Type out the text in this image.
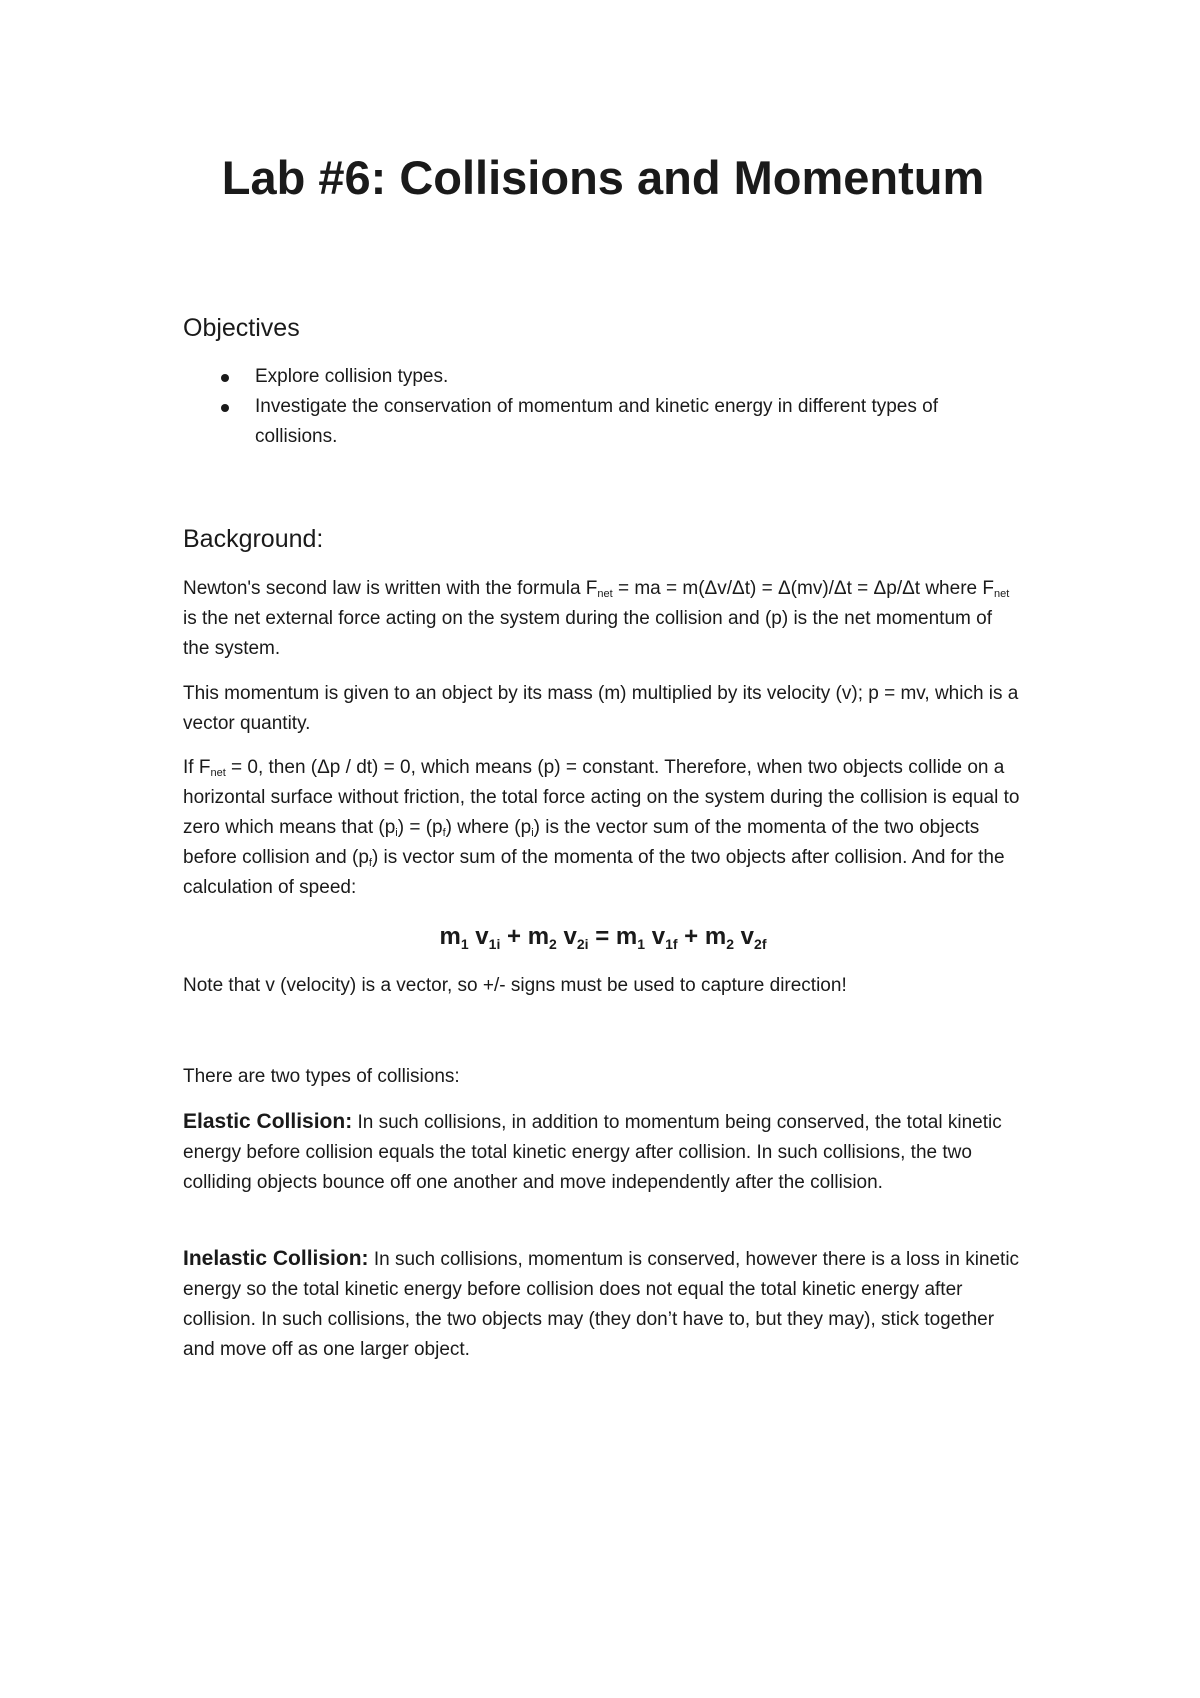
Lab #6: Collisions and Momentum
Objectives
Explore collision types.
Investigate the conservation of momentum and kinetic energy in different types of collisions.
Background:

Newton's second law is written with the formula $F_{net}$ = ma = m(Δv/Δt) = Δ(mv)/Δt = Δp/Δt where $F_{net}$ is the net external force acting on the system during the collision and (p) is the net momentum of the system.

This momentum is given to an object by its mass (m) multiplied by its velocity (v); p = mv, which is a vector quantity.

If $F_{net} = 0$, then (Δp / dt) = 0, which means (p) = constant. Therefore, when two objects collide on a horizontal surface without friction, the total force acting on the system during the collision is equal to zero which means that $(p_i) = (p_f)$ where $(p_i)$ is the vector sum of the momenta of the two objects before collision and $(p_f)$ is vector sum of the momenta of the two objects after collision. And for the calculation of speed:

$m_1$ $v_{1i} + m_2$ $v_{2i} = m_1$ $v_{1f} + m_2$ $v_{2f}$

Note that v (velocity) is a vector, so +/- signs must be used to capture direction!

There are two types of collisions:

Elastic Collision: In such collisions, in addition to momentum being conserved, the total kinetic energy before collision equals the total kinetic energy after collision. In such collisions, the two colliding objects bounce off one another and move independently after the collision.

Inelastic Collision: In such collisions, momentum is conserved, however there is a loss in kinetic energy so the total kinetic energy before collision does not equal the total kinetic energy after collision. In such collisions, the two objects may (they don’t have to, but they may), stick together and move off as one larger object.
